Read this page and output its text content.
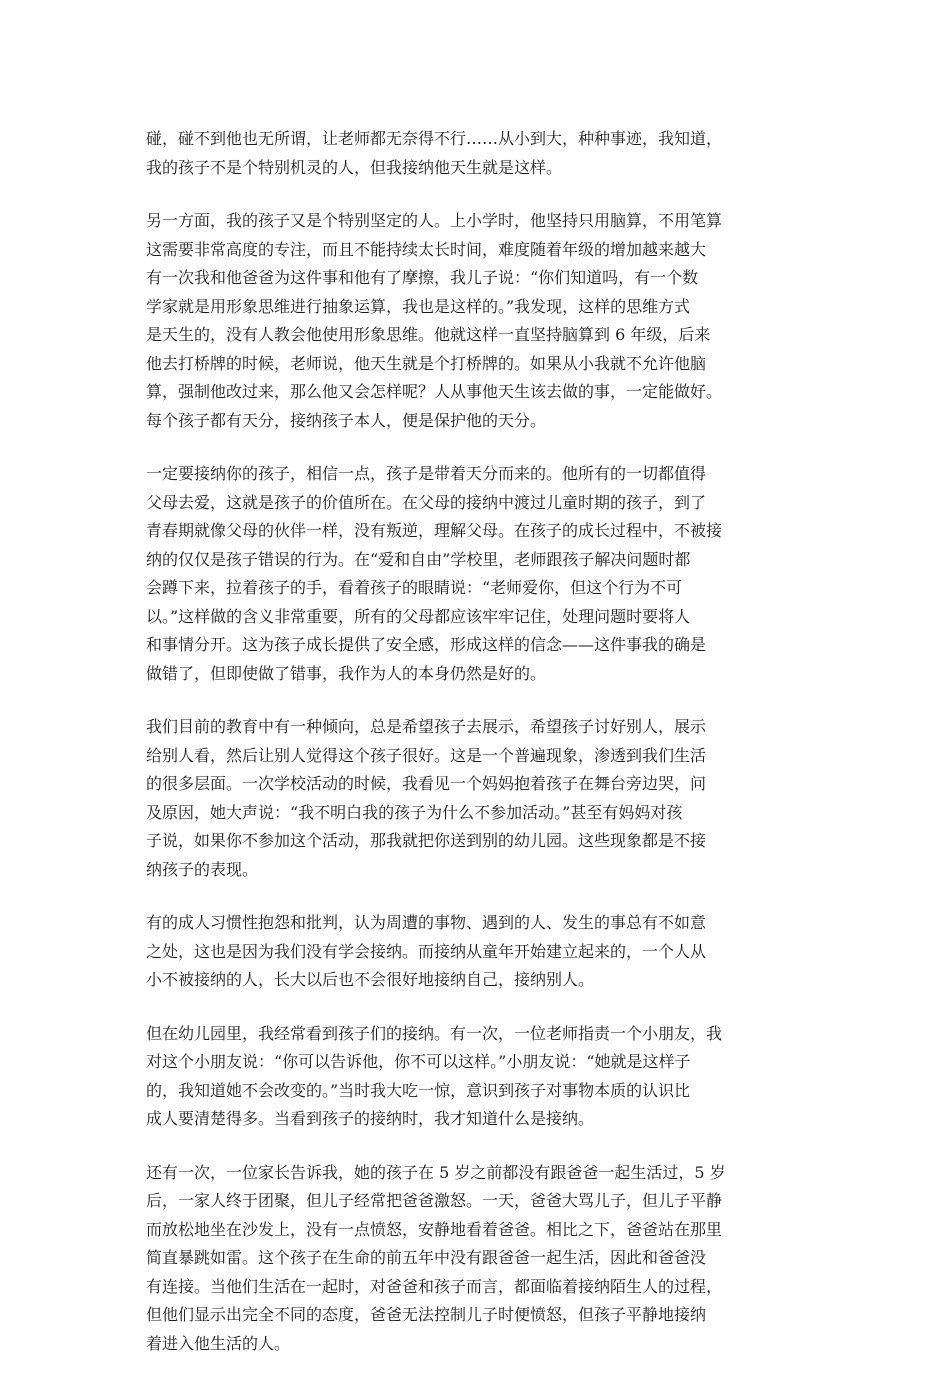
碰，碰不到他也无所谓，让老师都无奈得不行……从小到大，种种事迹，我知道，
我的孩子不是个特别机灵的人，但我接纳他天生就是这样。

另一方面，我的孩子又是个特别坚定的人。上小学时，他坚持只用脑算，不用笔算
这需要非常高度的专注，而且不能持续太长时间，难度随着年级的增加越来越大
有一次我和他爸爸为这件事和他有了摩擦，我儿子说：“你们知道吗，有一个数
学家就是用形象思维进行抽象运算，我也是这样的。”我发现，这样的思维方式
是天生的，没有人教会他使用形象思维。他就这样一直坚持脑算到 6 年级，后来
他去打桥牌的时候，老师说，他天生就是个打桥牌的。如果从小我就不允许他脑
算，强制他改过来，那么他又会怎样呢？人从事他天生该去做的事，一定能做好。
每个孩子都有天分，接纳孩子本人，便是保护他的天分。

一定要接纳你的孩子，相信一点，孩子是带着天分而来的。他所有的一切都值得
父母去爱，这就是孩子的价值所在。在父母的接纳中渡过儿童时期的孩子，到了
青春期就像父母的伙伴一样，没有叛逆，理解父母。在孩子的成长过程中，不被接
纳的仅仅是孩子错误的行为。在“爱和自由”学校里，老师跟孩子解决问题时都
会蹲下来，拉着孩子的手，看着孩子的眼睛说：“老师爱你，但这个行为不可
以。”这样做的含义非常重要，所有的父母都应该牢牢记住，处理问题时要将人
和事情分开。这为孩子成长提供了安全感，形成这样的信念——这件事我的确是
做错了，但即使做了错事，我作为人的本身仍然是好的。

我们目前的教育中有一种倾向，总是希望孩子去展示，希望孩子讨好别人，展示
给别人看，然后让别人觉得这个孩子很好。这是一个普遍现象，渗透到我们生活
的很多层面。一次学校活动的时候，我看见一个妈妈抱着孩子在舞台旁边哭，问
及原因，她大声说：“我不明白我的孩子为什么不参加活动。”甚至有妈妈对孩
子说，如果你不参加这个活动，那我就把你送到别的幼儿园。这些现象都是不接
纳孩子的表现。

有的成人习惯性抱怨和批判，认为周遭的事物、遇到的人、发生的事总有不如意
之处，这也是因为我们没有学会接纳。而接纳从童年开始建立起来的，一个人从
小不被接纳的人，长大以后也不会很好地接纳自己，接纳别人。

但在幼儿园里，我经常看到孩子们的接纳。有一次，一位老师指责一个小朋友，我
对这个小朋友说：“你可以告诉他，你不可以这样。”小朋友说：“她就是这样子
的，我知道她不会改变的。”当时我大吃一惊，意识到孩子对事物本质的认识比
成人要清楚得多。当看到孩子的接纳时，我才知道什么是接纳。

还有一次，一位家长告诉我，她的孩子在 5 岁之前都没有跟爸爸一起生活过，5 岁
后，一家人终于团聚，但儿子经常把爸爸激怒。一天，爸爸大骂儿子，但儿子平静
而放松地坐在沙发上，没有一点愤怒，安静地看着爸爸。相比之下，爸爸站在那里
简直暴跳如雷。这个孩子在生命的前五年中没有跟爸爸一起生活，因此和爸爸没
有连接。当他们生活在一起时，对爸爸和孩子而言，都面临着接纳陌生人的过程，
但他们显示出完全不同的态度，爸爸无法控制儿子时便愤怒，但孩子平静地接纳
着进入他生活的人。
